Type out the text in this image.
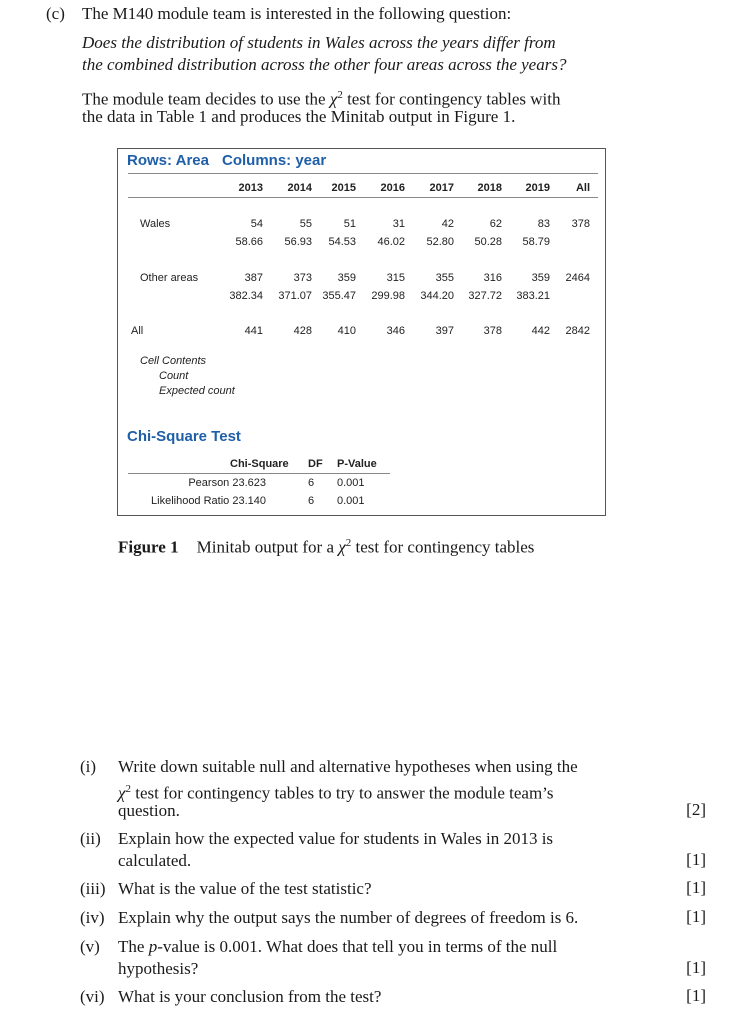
(c) The M140 module team is interested in the following question:
Does the distribution of students in Wales across the years differ from
the combined distribution across the other four areas across the years?
The module team decides to use the $\chi^2$ test for contingency tables with
the data in Table 1 and produces the Minitab output in Figure 1.
Rows: Area Columns: year
2013	2014	2015	2016	2017	2018	2019	All
Wales	54	55	51	31	42	62	83	378
58.66	56.93	54.53	46.02	52.80	50.28	58.79
Other areas	387	373	359	315	355	316	359	2464
382.34	371.07 355.47	299.98	344.20	327.72	383.21
All	441	428	410	346	397	378	442	2842
Cell Contents
Count
Expected count
Chi-Square Test
Chi-Square DF P-Value
Pearson 23.623	6 0.001
Likelihood Ratio 23.140	6 0.001
Figure 1 Minitab output for a $\chi^2$ test for contingency tables
(i) Write down suitable null and alternative hypotheses when using the
$\chi^2$ test for contingency tables to try to answer the module team’s
question.	[2]
(ii) Explain how the expected value for students in Wales in 2013 is
calculated.	[1]
(iii) What is the value of the test statistic?	[1]
(iv) Explain why the output says the number of degrees of freedom is 6.	[1]
(v) The p-value is 0.001. What does that tell you in terms of the null
hypothesis?	[1]
(vi) What is your conclusion from the test?	[1]
